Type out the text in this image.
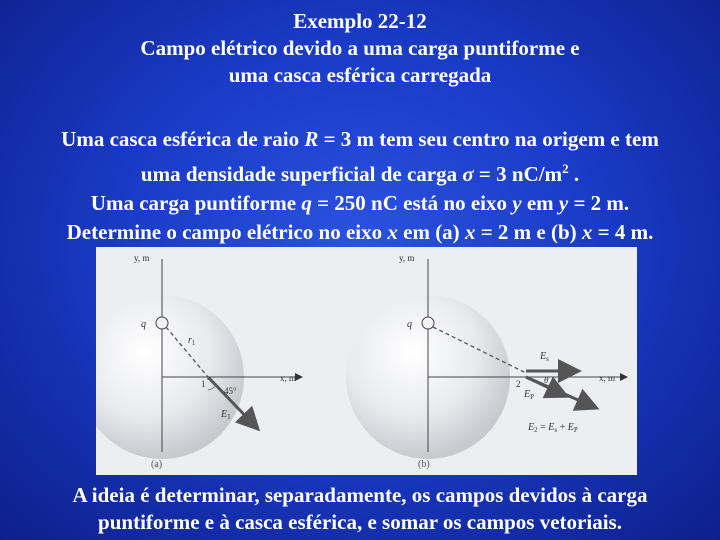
Exemplo 22-12
Campo elétrico devido a uma carga puntiforme e
uma casca esférica carregada
Uma casca esférica de raio R = 3 m tem seu centro na origem e tem
uma densidade superficial de carga σ = 3 $nC/m^2$ .
Uma carga puntiforme q = 250 nC está no eixo y em y = 2 m.
Determine o campo elétrico no eixo x em (a) x = 2 m e (b) x = 4 m.
y, m
x, m
q
$r_1$
1
45°
$E_1$
(a)
y, m
x, m
q
$E_s$
$E_P$
2	θ
$E_2 = E_s + E_P$
(b)
A ideia é determinar, separadamente, os campos devidos à carga
puntiforme e à casca esférica, e somar os campos vetoriais.
